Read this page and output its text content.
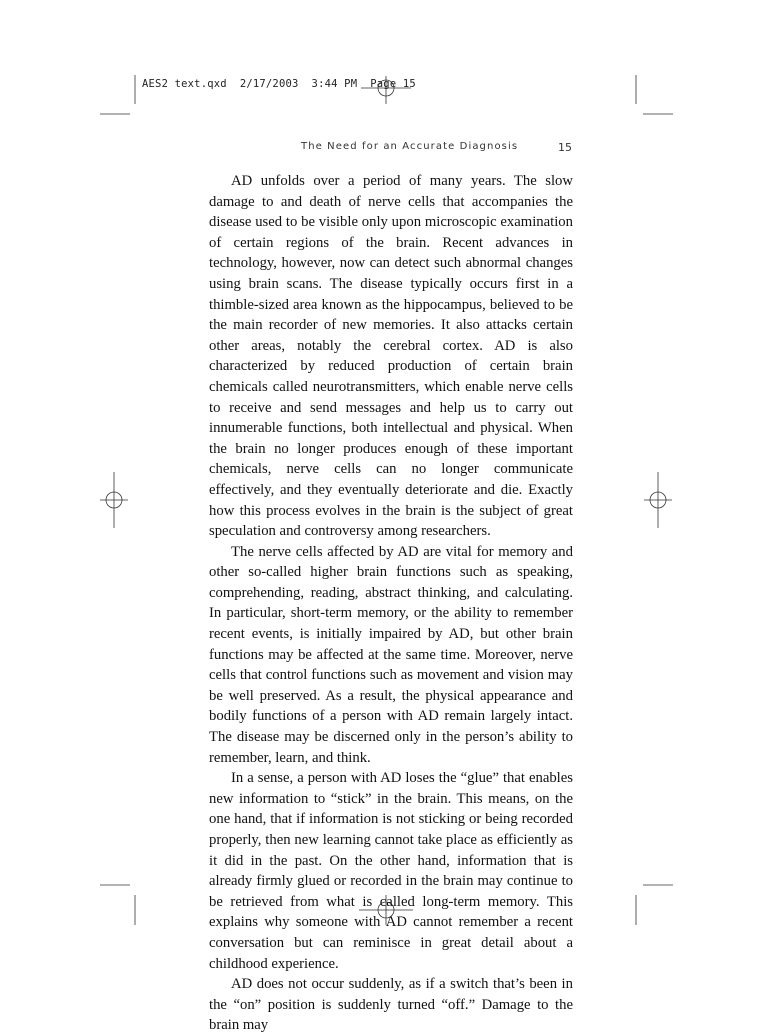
AES2 text.qxd  2/17/2003  3:44 PM  Page 15
The Need for an Accurate Diagnosis	15

AD unfolds over a period of many years. The slow damage to and death of nerve cells that accompanies the disease used to be visible only upon microscopic examination of certain regions of the brain. Recent advances in technology, however, now can detect such abnormal changes using brain scans. The disease typically occurs first in a thimble-sized area known as the hippocampus, believed to be the main recorder of new memories. It also attacks certain other areas, notably the cerebral cortex. AD is also characterized by reduced production of certain brain chemicals called neurotransmitters, which enable nerve cells to receive and send messages and help us to carry out innumerable functions, both intellectual and physical. When the brain no longer produces enough of these important chemicals, nerve cells can no longer communicate effectively, and they eventually deteriorate and die. Exactly how this process evolves in the brain is the subject of great speculation and controversy among researchers.

The nerve cells affected by AD are vital for memory and other so-called higher brain functions such as speaking, comprehending, reading, abstract thinking, and calculating. In particular, short-term memory, or the ability to remember recent events, is initially impaired by AD, but other brain functions may be affected at the same time. Moreover, nerve cells that control functions such as movement and vision may be well preserved. As a result, the physical appearance and bodily functions of a person with AD remain largely intact. The disease may be discerned only in the person’s ability to remember, learn, and think.

In a sense, a person with AD loses the “glue” that enables new information to “stick” in the brain. This means, on the one hand, that if information is not sticking or being recorded properly, then new learning cannot take place as efficiently as it did in the past. On the other hand, information that is already firmly glued or recorded in the brain may continue to be retrieved from what is called long-term memory. This explains why someone with AD cannot remember a recent conversation but can reminisce in great detail about a childhood experience.

AD does not occur suddenly, as if a switch that’s been in the “on” position is suddenly turned “off.” Damage to the brain may
